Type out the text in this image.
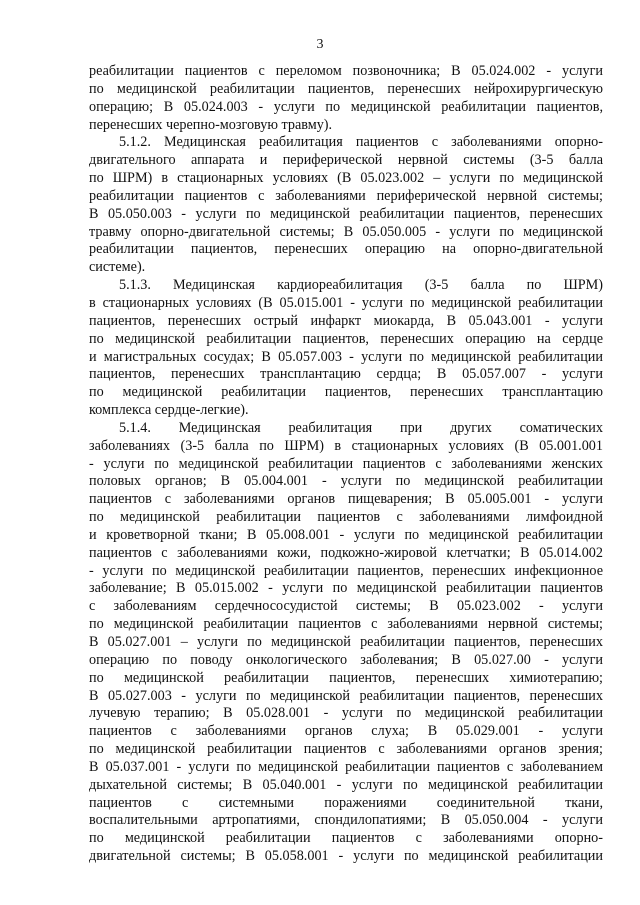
3
реабилитации пациентов с переломом позвоночника; В 05.024.002 - услуги
по медицинской реабилитации пациентов, перенесших нейрохирургическую
операцию; В 05.024.003 - услуги по медицинской реабилитации пациентов,
перенесших черепно-мозговую травму).
5.1.2. Медицинская реабилитация пациентов с заболеваниями опорно-
двигательного аппарата и периферической нервной системы (3-5 балла
по ШРМ) в стационарных условиях (В 05.023.002 – услуги по медицинской
реабилитации пациентов с заболеваниями периферической нервной системы;
В 05.050.003 - услуги по медицинской реабилитации пациентов, перенесших
травму опорно-двигательной системы; В 05.050.005 - услуги по медицинской
реабилитации пациентов, перенесших операцию на опорно-двигательной
системе).
5.1.3. Медицинская кардиореабилитация (3-5 балла по ШРМ)
в стационарных условиях (В 05.015.001 - услуги по медицинской реабилитации
пациентов, перенесших острый инфаркт миокарда, В 05.043.001 - услуги
по медицинской реабилитации пациентов, перенесших операцию на сердце
и магистральных сосудах; В 05.057.003 - услуги по медицинской реабилитации
пациентов, перенесших трансплантацию сердца; В 05.057.007 - услуги
по медицинской реабилитации пациентов, перенесших трансплантацию
комплекса сердце-легкие).
5.1.4. Медицинская реабилитация при других соматических
заболеваниях (3-5 балла по ШРМ) в стационарных условиях (В 05.001.001
- услуги по медицинской реабилитации пациентов с заболеваниями женских
половых органов; В 05.004.001 - услуги по медицинской реабилитации
пациентов с заболеваниями органов пищеварения; В 05.005.001 - услуги
по медицинской реабилитации пациентов с заболеваниями лимфоидной
и кроветворной ткани; В 05.008.001 - услуги по медицинской реабилитации
пациентов с заболеваниями кожи, подкожно-жировой клетчатки; В 05.014.002
- услуги по медицинской реабилитации пациентов, перенесших инфекционное
заболевание; В 05.015.002 - услуги по медицинской реабилитации пациентов
с заболеваниям сердечнососудистой системы; В 05.023.002 - услуги
по медицинской реабилитации пациентов с заболеваниями нервной системы;
В 05.027.001 – услуги по медицинской реабилитации пациентов, перенесших
операцию по поводу онкологического заболевания; В 05.027.00 - услуги
по медицинской реабилитации пациентов, перенесших химиотерапию;
В 05.027.003 - услуги по медицинской реабилитации пациентов, перенесших
лучевую терапию; В 05.028.001 - услуги по медицинской реабилитации
пациентов с заболеваниями органов слуха; В 05.029.001 - услуги
по медицинской реабилитации пациентов с заболеваниями органов зрения;
В 05.037.001 - услуги по медицинской реабилитации пациентов с заболеванием
дыхательной системы; В 05.040.001 - услуги по медицинской реабилитации
пациентов с системными поражениями соединительной ткани,
воспалительными артропатиями, спондилопатиями; В 05.050.004 - услуги
по медицинской реабилитации пациентов с заболеваниями опорно-
двигательной системы; В 05.058.001 - услуги по медицинской реабилитации
